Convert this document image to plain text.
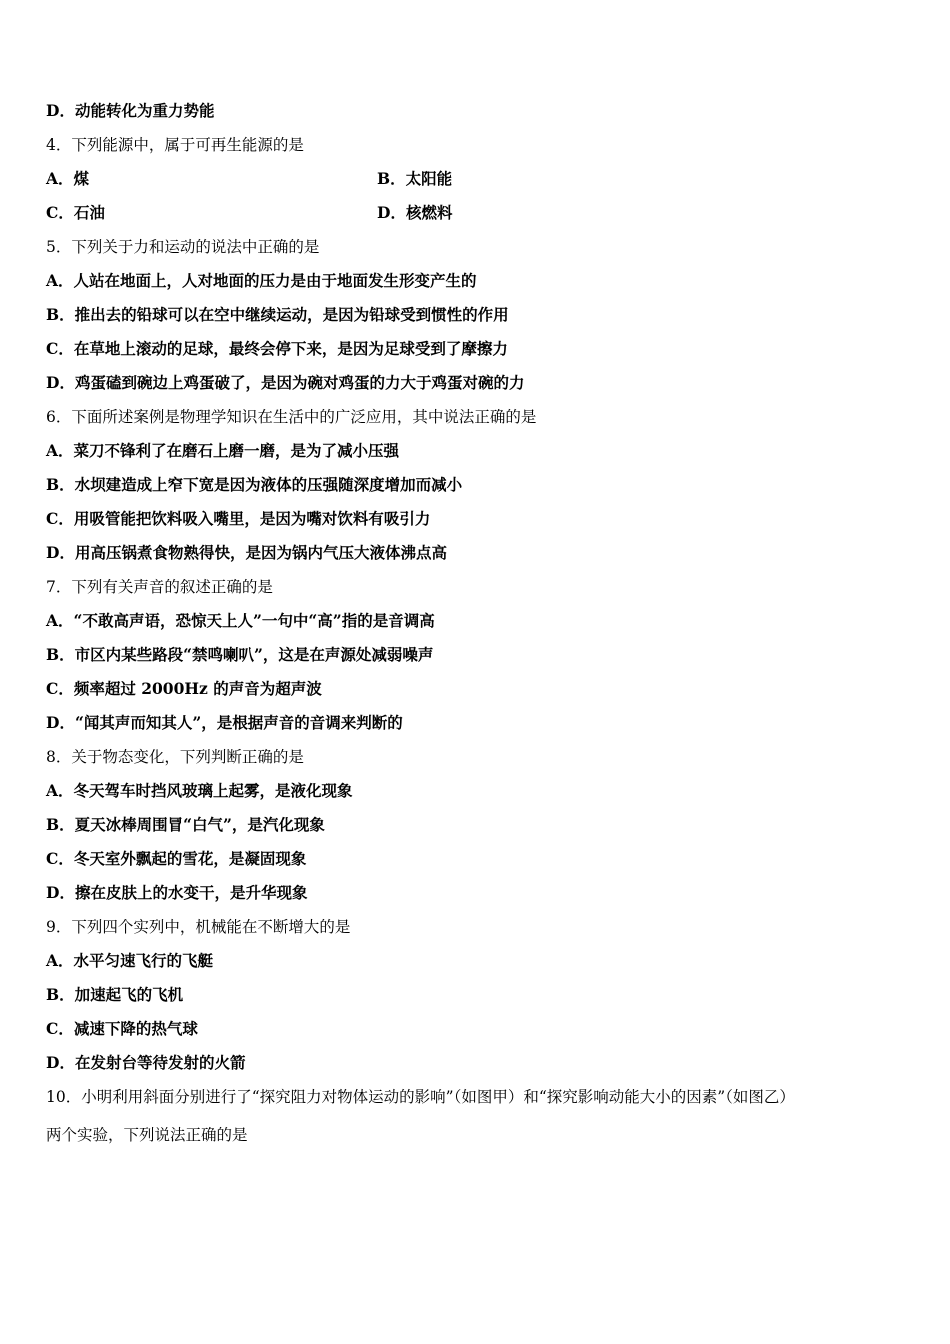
D．动能转化为重力势能
4．下列能源中，属于可再生能源的是
A．煤	B．太阳能
C．石油	D．核燃料
5．下列关于力和运动的说法中正确的是
A．人站在地面上，人对地面的压力是由于地面发生形变产生的
B．推出去的铅球可以在空中继续运动，是因为铅球受到惯性的作用
C．在草地上滚动的足球，最终会停下来，是因为足球受到了摩擦力
D．鸡蛋磕到碗边上鸡蛋破了，是因为碗对鸡蛋的力大于鸡蛋对碗的力
6．下面所述案例是物理学知识在生活中的广泛应用，其中说法正确的是
A．菜刀不锋利了在磨石上磨一磨，是为了减小压强
B．水坝建造成上窄下宽是因为液体的压强随深度增加而减小
C．用吸管能把饮料吸入嘴里，是因为嘴对饮料有吸引力
D．用高压锅煮食物熟得快，是因为锅内气压大液体沸点高
7．下列有关声音的叙述正确的是
A．“不敢高声语，恐惊天上人”一句中“高”指的是音调高
B．市区内某些路段“禁鸣喇叭”，这是在声源处减弱噪声
C．频率超过 2000Hz 的声音为超声波
D．“闻其声而知其人”，是根据声音的音调来判断的
8．关于物态变化，下列判断正确的是
A．冬天驾车时挡风玻璃上起雾，是液化现象
B．夏天冰棒周围冒“白气”，是汽化现象
C．冬天室外飘起的雪花，是凝固现象
D．擦在皮肤上的水变干，是升华现象
9．下列四个实列中，机械能在不断增大的是
A．水平匀速飞行的飞艇
B．加速起飞的飞机
C．减速下降的热气球
D．在发射台等待发射的火箭
10．小明利用斜面分别进行了“探究阻力对物体运动的影响”（如图甲）和“探究影响动能大小的因素”（如图乙）
两个实验，下列说法正确的是
